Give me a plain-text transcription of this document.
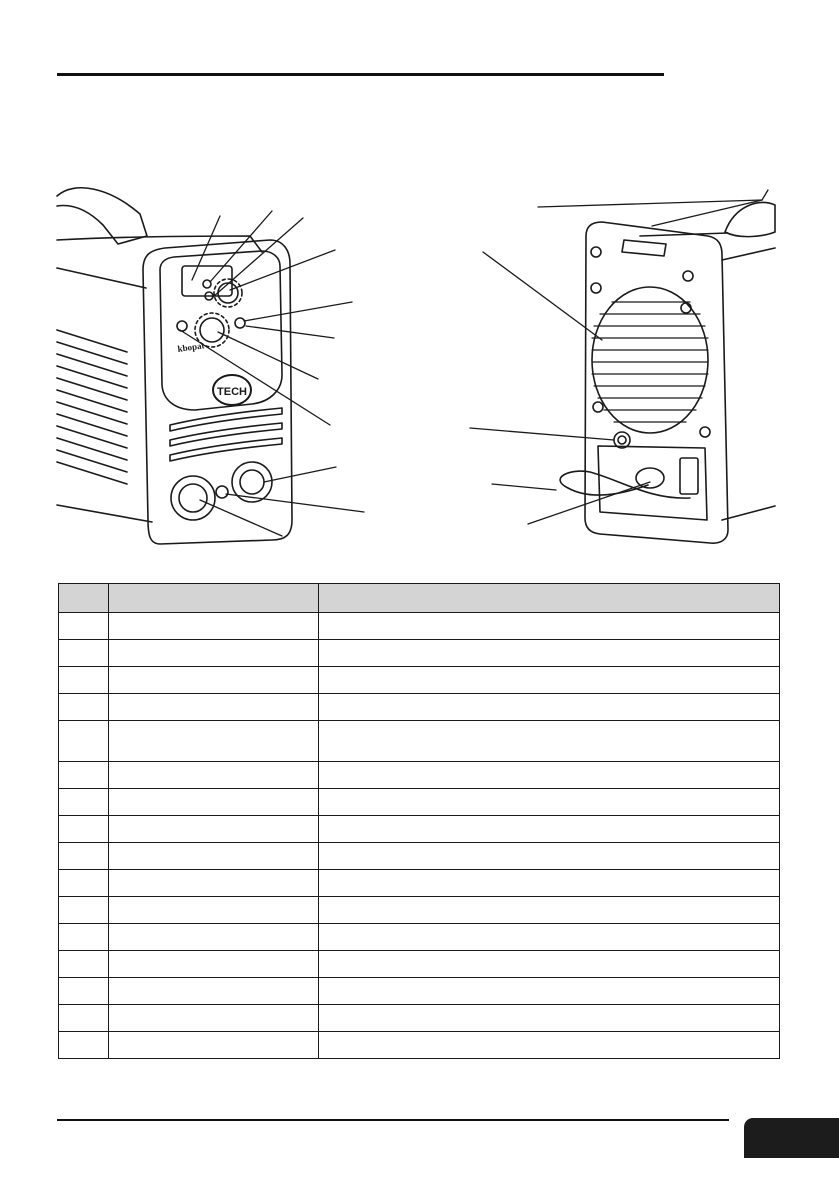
TECH
kbopat
